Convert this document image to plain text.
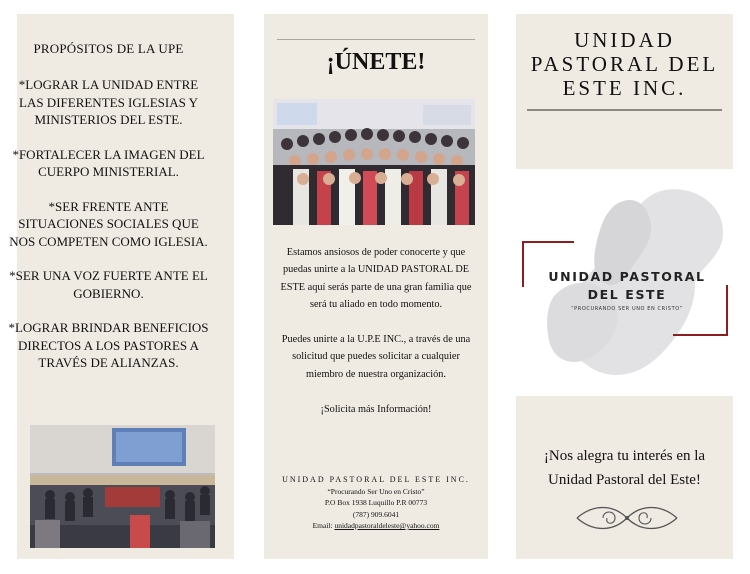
PROPÓSITOS DE LA UPE
*LOGRAR LA UNIDAD ENTRE LAS DIFERENTES IGLESIAS Y MINISTERIOS DEL ESTE.
*FORTALECER LA IMAGEN DEL CUERPO MINISTERIAL.
*SER FRENTE ANTE SITUACIONES SOCIALES QUE NOS COMPETEN COMO IGLESIA.
*SER UNA VOZ FUERTE ANTE EL GOBIERNO.
*LOGRAR BRINDAR BENEFICIOS DIRECTOS A LOS PASTORES A TRAVÉS DE ALIANZAS.
¡ÚNETE!

Estamos ansiosos de poder conocerte y que puedas unirte a la UNIDAD PASTORAL DE ESTE aquí serás parte de una gran familia que será tu aliado en todo momento.

Puedes unirte a la U.P.E INC., a través de una solicitud que puedes solicitar a cualquier miembro de nuestra organización.

¡Solicita más Información!

UNIDAD PASTORAL DEL ESTE INC.
“Procurando Ser Uno en Cristo”
P.O Box 1938 Luquillo P.R 00773
(787) 909.6041
Email: unidadpastoraldeleste@yahoo.com
UNIDAD
PASTORAL DEL
ESTE INC.
UNIDAD PASTORAL
DEL ESTE
“PROCURANDO SER UNO EN CRISTO”
¡Nos alegra tu interés en la Unidad Pastoral del Este!
